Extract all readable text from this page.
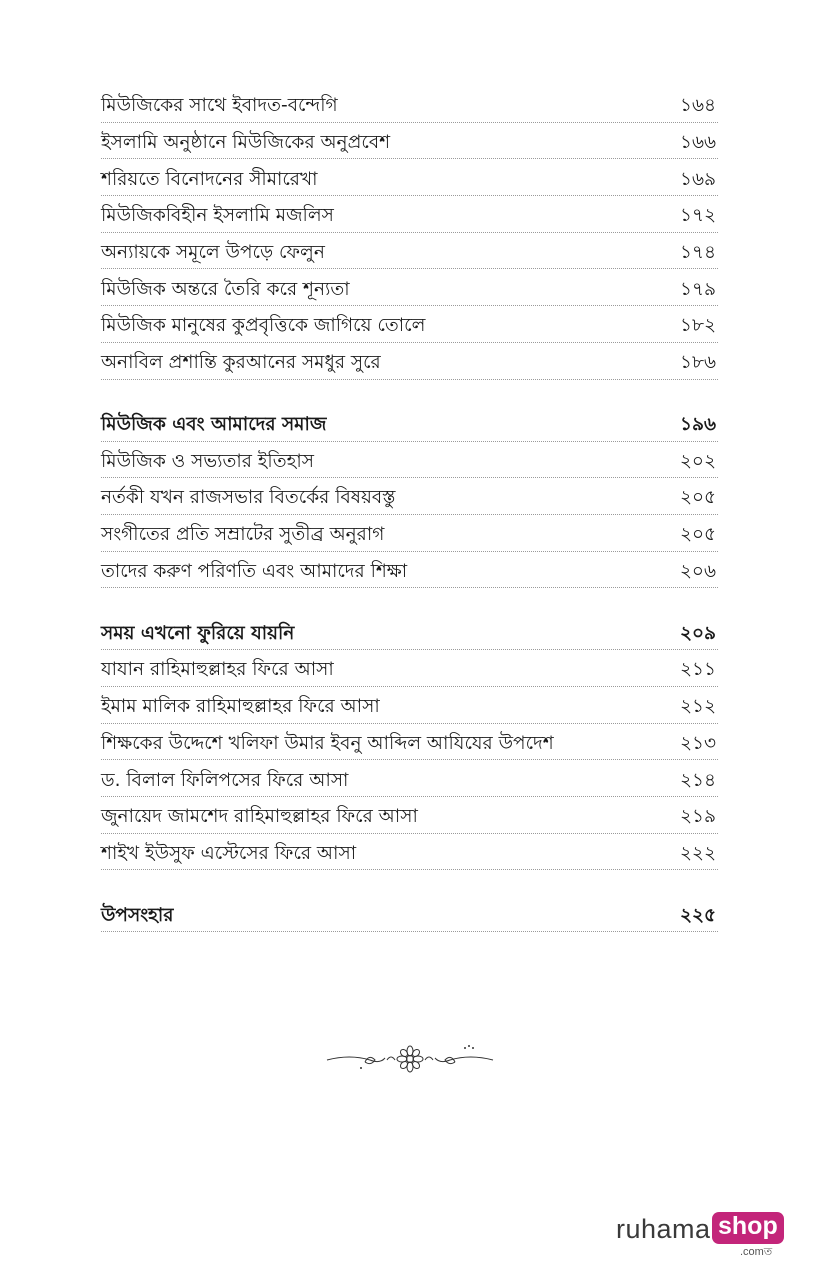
মিউজিকের সাথে ইবাদত-বন্দেগি	১৬৪
ইসলামি অনুষ্ঠানে মিউজিকের অনুপ্রবেশ	১৬৬
শরিয়তে বিনোদনের সীমারেখা	১৬৯
মিউজিকবিহীন ইসলামি মজলিস	১৭২
অন্যায়কে সমূলে উপড়ে ফেলুন	১৭৪
মিউজিক অন্তরে তৈরি করে শূন্যতা	১৭৯
মিউজিক মানুষের কুপ্রবৃত্তিকে জাগিয়ে তোলে	১৮২
অনাবিল প্রশান্তি কুরআনের সমধুর সুরে	১৮৬
মিউজিক এবং আমাদের সমাজ	১৯৬
মিউজিক ও সভ্যতার ইতিহাস	২০২
নর্তকী যখন রাজসভার বিতর্কের বিষয়বস্তু	২০৫
সংগীতের প্রতি সম্রাটের সুতীব্র অনুরাগ	২০৫
তাদের করুণ পরিণতি এবং আমাদের শিক্ষা	২০৬
সময় এখনো ফুরিয়ে যায়নি	২০৯
যাযান রাহিমাহুল্লাহর ফিরে আসা	২১১
ইমাম মালিক রাহিমাহুল্লাহর ফিরে আসা	২১২
শিক্ষকের উদ্দেশে খলিফা উমার ইবনু আব্দিল আযিযের উপদেশ	২১৩
ড. বিলাল ফিলিপসের ফিরে আসা	২১৪
জুনায়েদ জামশেদ রাহিমাহুল্লাহর ফিরে আসা	২১৯
শাইখ ইউসুফ এস্টেসের ফিরে আসা	২২২
উপসংহার	২২৫
ruhama shop
.comত
